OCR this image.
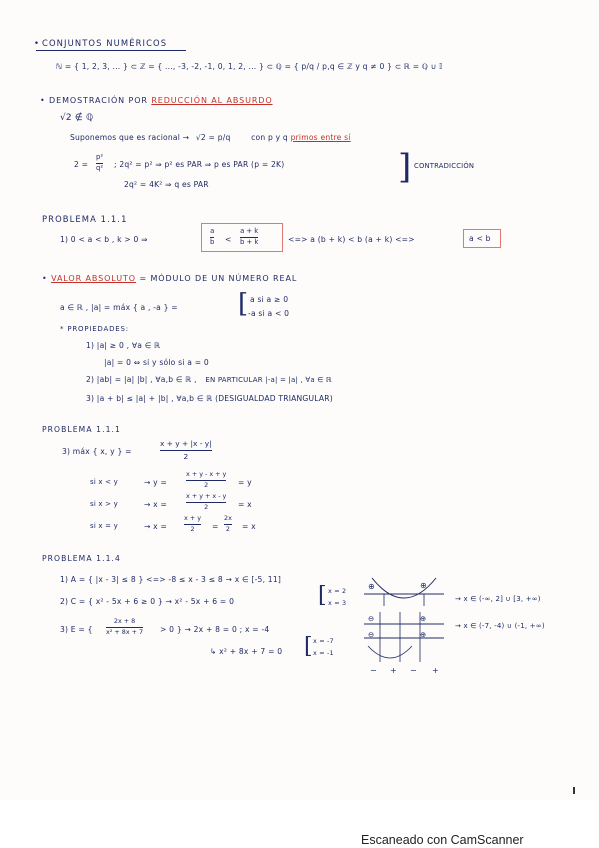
• CONJUNTOS NUMÉRICOS

ℕ = { 1, 2, 3, ... } ⊂ ℤ = { ..., -3, -2, -1, 0, 1, 2, ... } ⊂ ℚ = { p/q / p,q ∈ ℤ y q ≠ 0 } ⊂ ℝ = ℚ ∪ 𝕀

• DEMOSTRACIÓN POR REDUCCIÓN AL ABSURDO

√2 ∉ ℚ

Suponemos que es racional → √2 = p/q	con p y q primos entre sí

2 =

p²
q² ; 2q² = p² ⇒ p² es PAR ⇒ p es PAR (p = 2K)

2q² = 4K² ⇒ q es PAR	] CONTRADICCIÓN

PROBLEMA 1.1.1

1) 0 < a < b , k > 0 ⇒

a
b <

a + k
b + k	<=> a (b + k) < b (a + k) <=>	a < b

• VALOR ABSOLUTO = MÓDULO DE UN NÚMERO REAL

a ∈ ℝ , |a| = máx { a , -a } = [ a si a ≥ 0

-a si a < 0

* PROPIEDADES:

1) |a| ≥ 0 , ∀a ∈ ℝ

|a| = 0 ⇔ si y sólo si a = 0

2) |ab| = |a| |b| , ∀a,b ∈ ℝ , EN PARTICULAR |-a| = |a| , ∀a ∈ ℝ

3) |a + b| ≤ |a| + |b| , ∀a,b ∈ ℝ (DESIGUALDAD TRIANGULAR)

PROBLEMA 1.1.1

3) máx { x, y } =

x + y + |x - y|
2

si x < y	→ y =

x + y - x + y
2	= y

si x > y	→ x =

x + y + x - y
2	= x

si x = y	→ x =

x + y
2 =

2x
2 = x

PROBLEMA 1.1.4

1) A = { |x - 3| ≤ 8 } <=> -8 ≤ x - 3 ≤ 8 → x ∈ [-5, 11]

2) C = { x² - 5x + 6 ≥ 0 } → x² - 5x + 6 = 0	[ x = 2

x = 3	→ x ∈ (-∞, 2] ∪ [3, +∞)

3) E = {

2x + 8
x² + 8x + 7 > 0 } → 2x + 8 = 0 ; x = -4

↳ x² + 8x + 7 = 0 [ x = -7

x = -1

→ x ∈ (-7, -4) ∪ (-1, +∞)

⊕	⊕

⊖	⊕

⊖	⊕

− + − +

Escaneado con CamScanner
